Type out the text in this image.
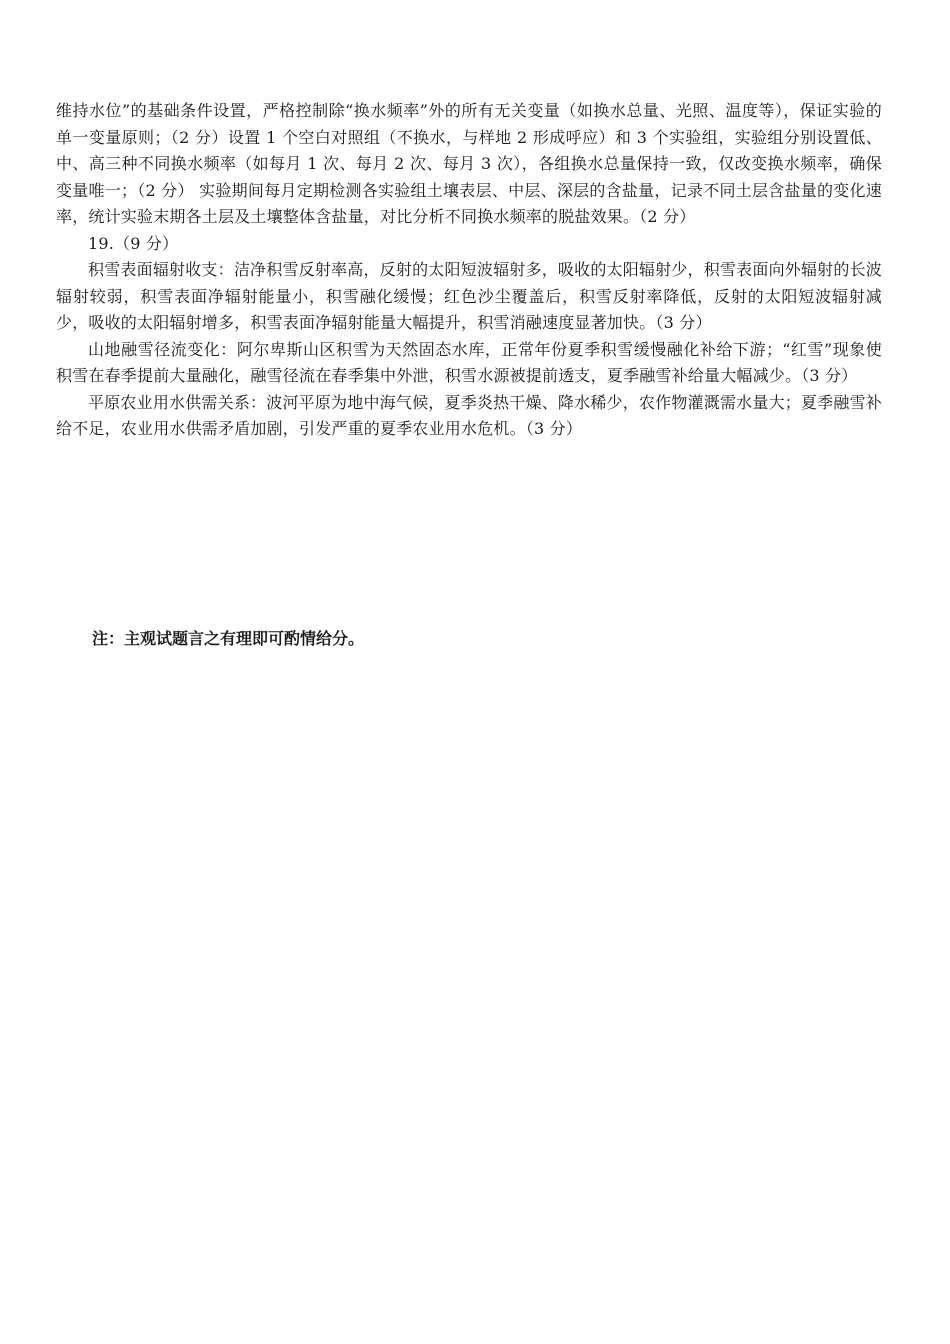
维持水位”的基础条件设置，严格控制除“换水频率”外的所有无关变量（如换水总量、光照、温度等），保证实验的单一变量原则；（2 分）设置 1 个空白对照组（不换水，与样地 2 形成呼应）和 3 个实验组，实验组分别设置低、中、高三种不同换水频率（如每月 1 次、每月 2 次、每月 3 次），各组换水总量保持一致，仅改变换水频率，确保变量唯一；（2 分） 实验期间每月定期检测各实验组土壤表层、中层、深层的含盐量，记录不同土层含盐量的变化速率，统计实验末期各土层及土壤整体含盐量，对比分析不同换水频率的脱盐效果。（2 分）

19.（9 分）

积雪表面辐射收支：洁净积雪反射率高，反射的太阳短波辐射多，吸收的太阳辐射少，积雪表面向外辐射的长波辐射较弱，积雪表面净辐射能量小，积雪融化缓慢；红色沙尘覆盖后，积雪反射率降低，反射的太阳短波辐射减少，吸收的太阳辐射增多，积雪表面净辐射能量大幅提升，积雪消融速度显著加快。（3 分）

山地融雪径流变化：阿尔卑斯山区积雪为天然固态水库，正常年份夏季积雪缓慢融化补给下游；“红雪”现象使积雪在春季提前大量融化，融雪径流在春季集中外泄，积雪水源被提前透支，夏季融雪补给量大幅减少。（3 分）

平原农业用水供需关系：波河平原为地中海气候，夏季炎热干燥、降水稀少，农作物灌溉需水量大；夏季融雪补给不足，农业用水供需矛盾加剧，引发严重的夏季农业用水危机。（3 分）

注：主观试题言之有理即可酌情给分。
